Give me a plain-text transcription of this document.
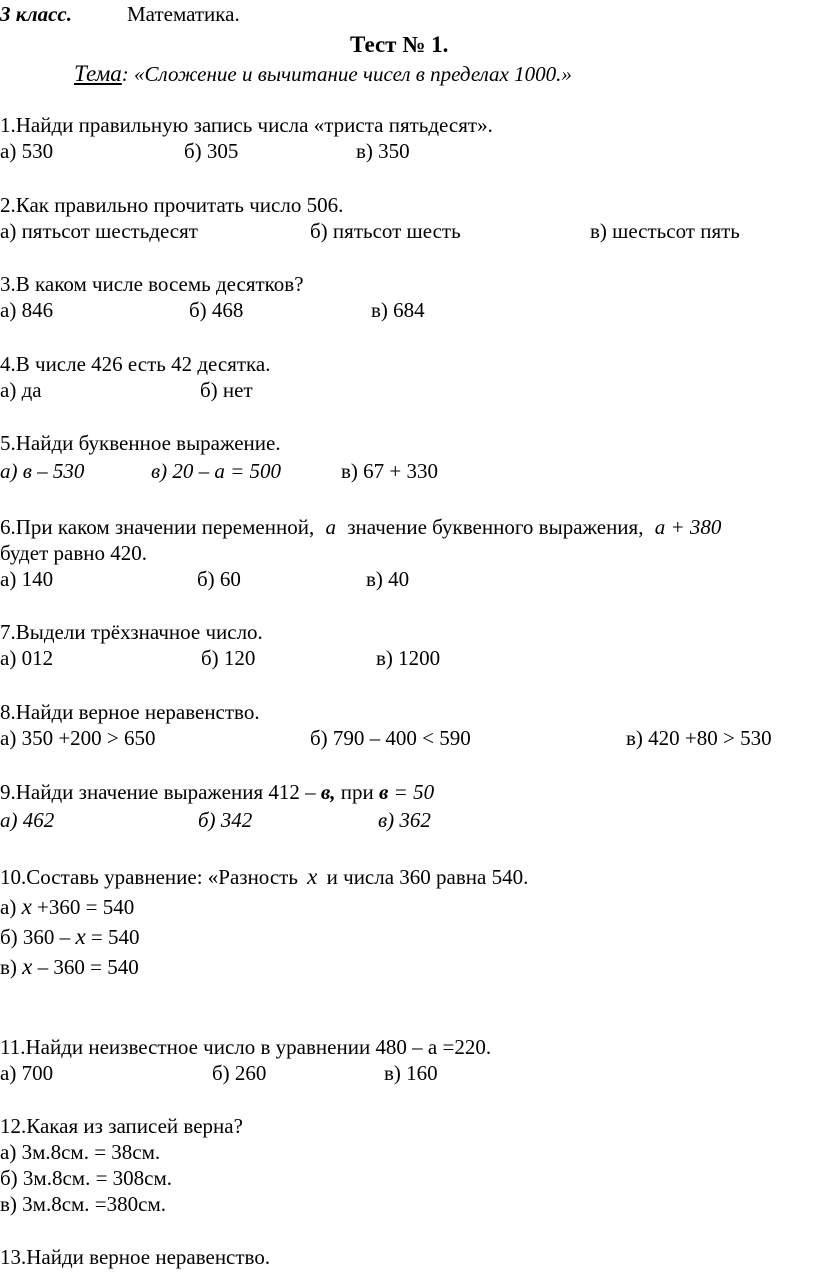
3 класс.	Математика.
Тест № 1.
Тема: «Сложение и вычитание чисел в пределах 1000.»
1.Найди правильную запись числа «триста пятьдесят».
а) 530	б) 305	в) 350
2.Как правильно прочитать число 506.
а) пятьсот шестьдесят	б) пятьсот шесть	в) шестьсот пять
3.В каком числе восемь десятков?
а) 846	б) 468	в) 684
4.В числе 426 есть 42 десятка.
а) да	б) нет
5.Найди буквенное выражение.
а) в – 530	в) 20 – а = 500	в) 67 + 330
6.При каком значении переменной, а значение буквенного выражения, а + 380
будет равно 420.
а) 140	б) 60	в) 40
7.Выдели трёхзначное число.
а) 012	б) 120	в) 1200
8.Найди верное неравенство.
а) 350 +200 > 650	б) 790 – 400 < 590	в) 420 +80 > 530
9.Найди значение выражения 412 – в, при в = 50
а) 462	б) 342	в) 362
10.Составь уравнение: «Разность х и числа 360 равна 540.
а) х +360 = 540
б) 360 – х = 540
в) х – 360 = 540
11.Найди неизвестное число в уравнении 480 – а =220.
а) 700	б) 260	в) 160
12.Какая из записей верна?
а) 3м.8см. = 38см.
б) 3м.8см. = 308см.
в) 3м.8см. =380см.
13.Найди верное неравенство.
